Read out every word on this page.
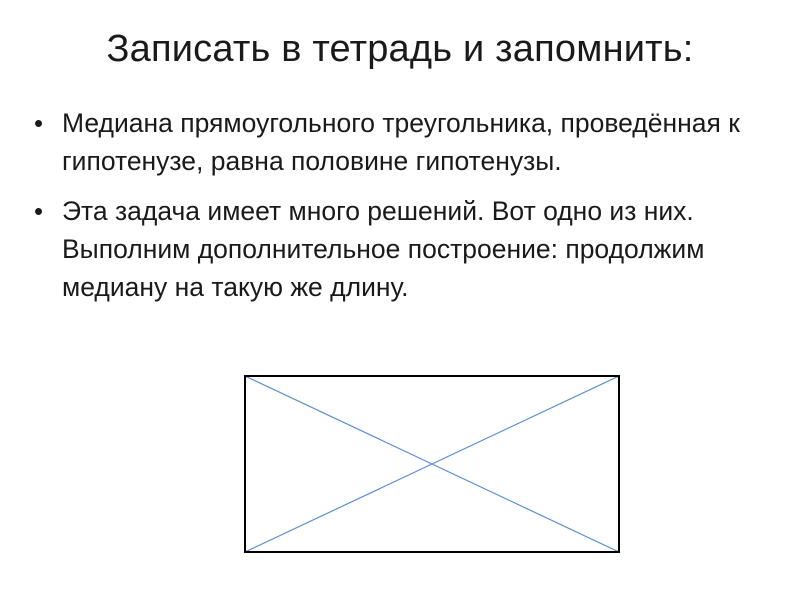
Записать в тетрадь и запомнить:
• Медиана прямоугольного треугольника, проведённая к гипотенузе, равна половине гипотенузы.
• Эта задача имеет много решений. Вот одно из них. Выполним дополнительное построение: продолжим медиану на такую же длину.
